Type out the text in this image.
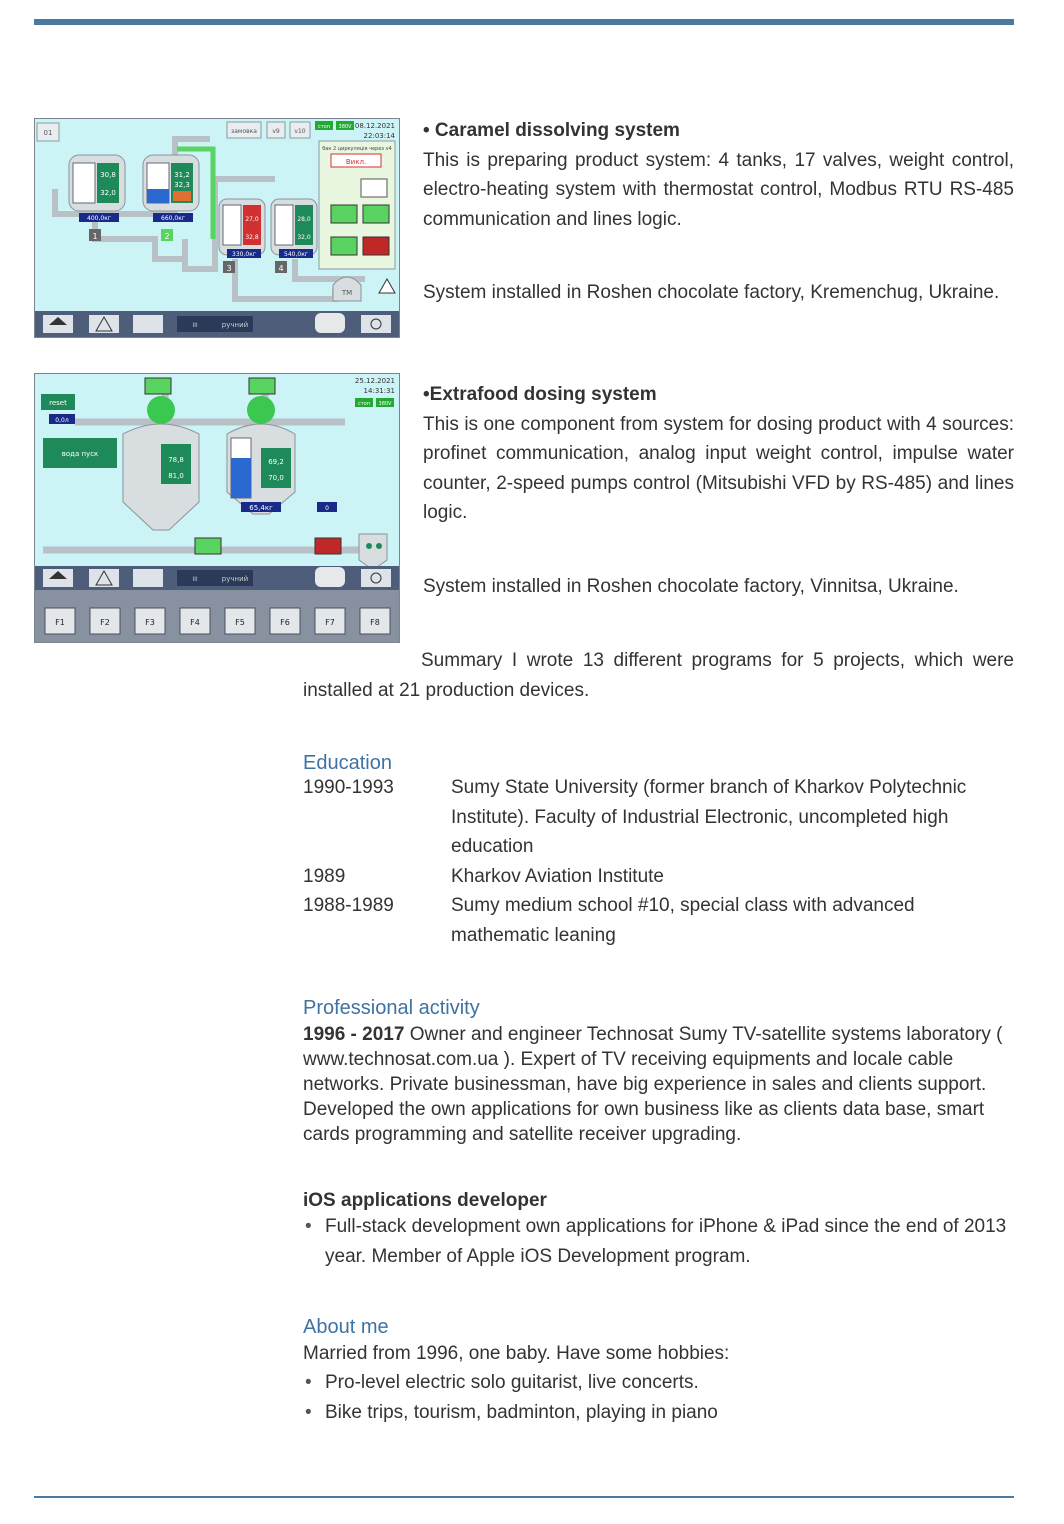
01	замовка	v9 v10
стоп 380V 08.12.2021
22:03:14
30,8
32,0
400,0кг
1
31,2
32,3
660,0кг
2
27,0
32,8
330,0кг
3
28,0
32,0
540,0кг
4
бак 2 циркуляція через v4
Викл.
ТМ
III	ручний

• Caramel dissolving system

This is preparing product system: 4 tanks, 17 valves, weight control, electro-heating system with thermostat control, Modbus RTU RS-485 communication and lines logic.

System installed in Roshen chocolate factory, Kremenchug, Ukraine.

25.12.2021
14:31:31
стоп 380V
reset
0,0л
вода пуск
78,8
81,0
69,2
70,0
65,4кг	0
III	ручний
F1	F2	F3	F4	F5	F6	F7	F8

•Extrafood dosing system

This is one component from system for dosing product with 4 sources: profinet communication, analog input weight control, impulse water counter, 2-speed pumps control (Mitsubishi VFD by RS-485) and lines logic.

System installed in Roshen chocolate factory, Vinnitsa, Ukraine.

Summary I wrote 13 different programs for 5 projects, which were installed at 21 production devices.

Education
1990-1993	Sumy State University (former branch of Kharkov Polytechnic Institute). Faculty of Industrial Electronic, uncompleted high education
1989	Kharkov Aviation Institute
1988-1989	Sumy medium school #10, special class with advanced mathematic leaning
Professional activity

1996 - 2017 Owner and engineer Technosat Sumy TV-satellite systems laboratory ( www.technosat.com.ua ). Expert of TV receiving equipments and locale cable networks. Private businessman, have big experience in sales and clients support. Developed the own applications for own business like as clients data base, smart cards programming and satellite receiver upgrading.

iOS applications developer

• Full-stack development own applications for iPhone & iPad since the end of 2013 year. Member of Apple iOS Development program.
About me

Married from 1996, one baby. Have some hobbies:

• Pro-level electric solo guitarist, live concerts.
• Bike trips, tourism, badminton, playing in piano
